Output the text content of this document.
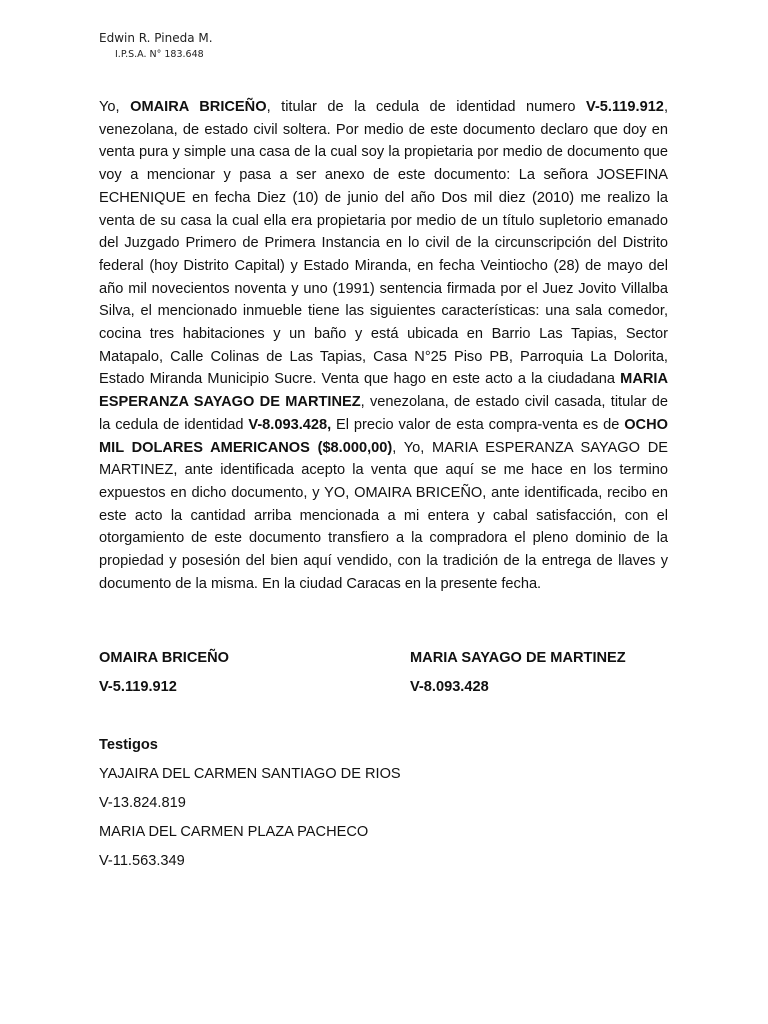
Edwin R. Pineda M.
I.P.S.A. N° 183.648

Yo, OMAIRA BRICEÑO, titular de la cedula de identidad numero V-5.119.912, venezolana, de estado civil soltera. Por medio de este documento declaro que doy en venta pura y simple una casa de la cual soy la propietaria por medio de documento que voy a mencionar y pasa a ser anexo de este documento: La señora JOSEFINA ECHENIQUE en fecha Diez (10) de junio del año Dos mil diez (2010) me realizo la venta de su casa la cual ella era propietaria por medio de un título supletorio emanado del Juzgado Primero de Primera Instancia en lo civil de la circunscripción del Distrito federal (hoy Distrito Capital) y Estado Miranda, en fecha Veintiocho (28) de mayo del año mil novecientos noventa y uno (1991) sentencia firmada por el Juez Jovito Villalba Silva, el mencionado inmueble tiene las siguientes características: una sala comedor, cocina tres habitaciones y un baño y está ubicada en Barrio Las Tapias, Sector Matapalo, Calle Colinas de Las Tapias, Casa N°25 Piso PB, Parroquia La Dolorita, Estado Miranda Municipio Sucre. Venta que hago en este acto a la ciudadana MARIA ESPERANZA SAYAGO DE MARTINEZ, venezolana, de estado civil casada, titular de la cedula de identidad V-8.093.428, El precio valor de esta compra-venta es de OCHO MIL DOLARES AMERICANOS ($8.000,00), Yo, MARIA ESPERANZA SAYAGO DE MARTINEZ, ante identificada acepto la venta que aquí se me hace en los termino expuestos en dicho documento, y YO, OMAIRA BRICEÑO, ante identificada, recibo en este acto la cantidad arriba mencionada a mi entera y cabal satisfacción, con el otorgamiento de este documento transfiero a la compradora el pleno dominio de la propiedad y posesión del bien aquí vendido, con la tradición de la entrega de llaves y documento de la misma. En la ciudad Caracas en la presente fecha.

OMAIRA BRICEÑO	MARIA SAYAGO DE MARTINEZ
V-5.119.912	V-8.093.428
Testigos
YAJAIRA DEL CARMEN SANTIAGO DE RIOS
V-13.824.819
MARIA DEL CARMEN PLAZA PACHECO
V-11.563.349
